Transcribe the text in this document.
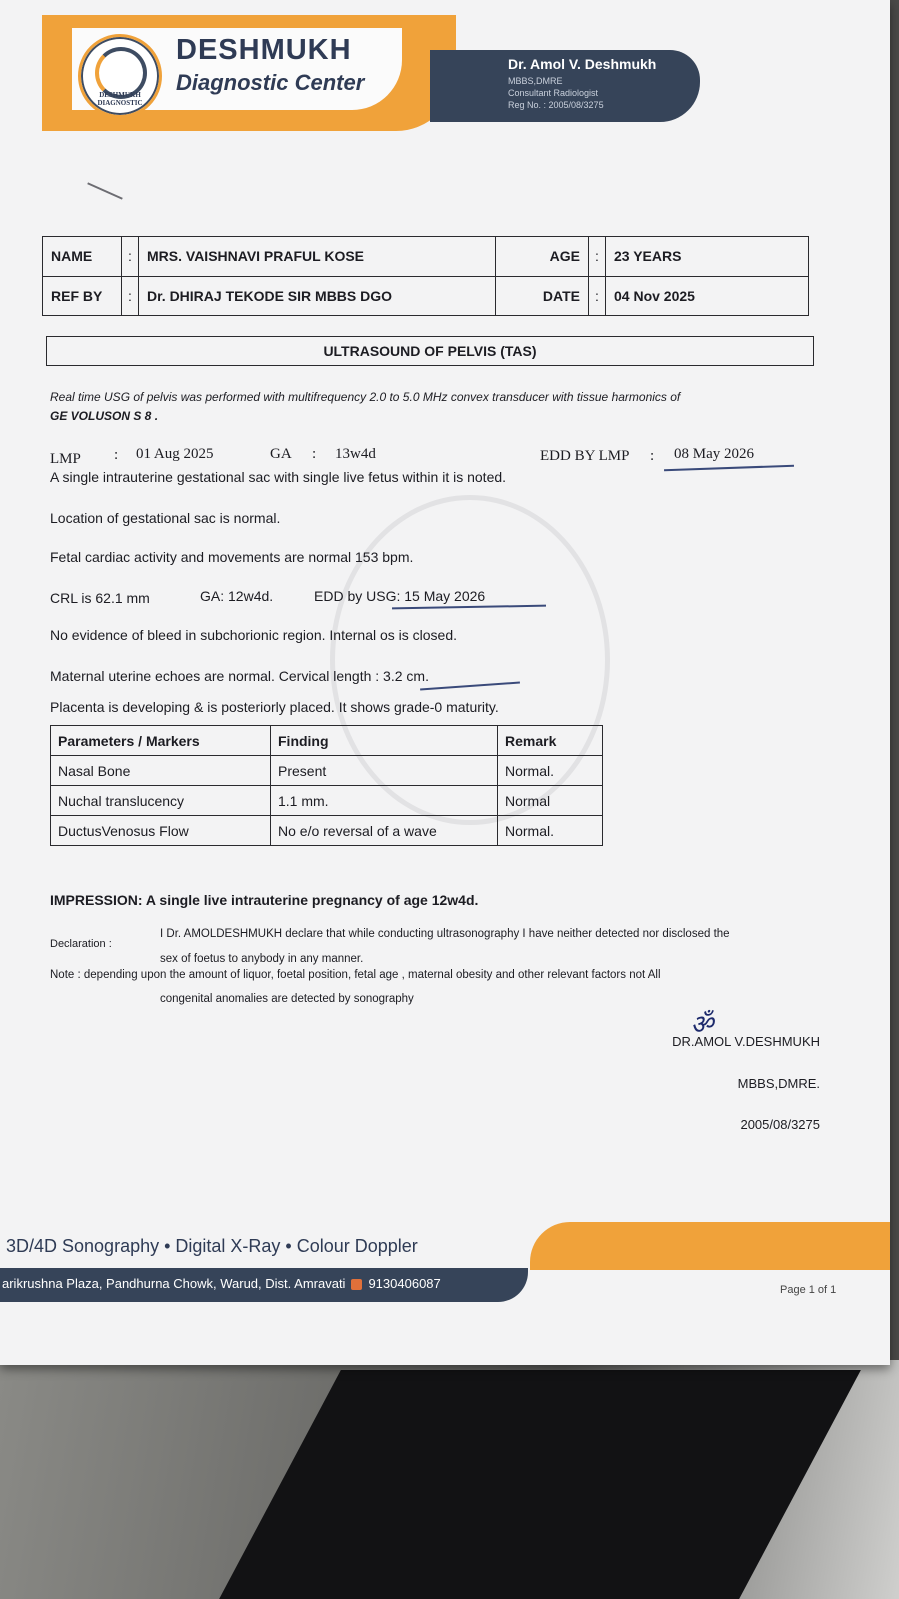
DESHMUKH DIAGNOSTIC
DESHMUKH
Diagnostic Center
Dr. Amol V. Deshmukh
MBBS,DMRE
Consultant Radiologist
Reg No. : 2005/08/3275
NAME	:	MRS. VAISHNAVI PRAFUL KOSE	AGE	:	23 YEARS
REF BY	:	Dr. DHIRAJ TEKODE SIR MBBS DGO	DATE	:	04 Nov 2025
ULTRASOUND OF PELVIS (TAS)
Real time USG of pelvis was performed with multifrequency 2.0 to 5.0 MHz convex transducer with tissue harmonics of
GE VOLUSON S 8 .
LMP : 01 Aug 2025	GA : 13w4d	EDD BY LMP : 08 May 2026
A single intrauterine gestational sac with single live fetus within it is noted.
Location of gestational sac is normal.
Fetal cardiac activity and movements are normal 153 bpm.
CRL is 62.1 mm	GA: 12w4d.	EDD by USG: 15 May 2026
No evidence of bleed in subchorionic region. Internal os is closed.
Maternal uterine echoes are normal. Cervical length : 3.2 cm.
Placenta is developing & is posteriorly placed. It shows grade-0 maturity.
Parameters / Markers	Finding	Remark
Nasal Bone	Present	Normal.
Nuchal translucency	1.1 mm.	Normal
DuctusVenosus Flow	No e/o reversal of a wave	Normal.
IMPRESSION: A single live intrauterine pregnancy of age 12w4d.
Declaration :
I Dr. AMOLDESHMUKH declare that while conducting ultrasonography I have neither detected nor disclosed the
sex of foetus to anybody in any manner.
Note : depending upon the amount of liquor, foetal position, fetal age , maternal obesity and other relevant factors not All
congenital anomalies are detected by sonography
ॐ
DR.AMOL V.DESHMUKH
MBBS,DMRE.
2005/08/3275
3D/4D Sonography • Digital X-Ray • Colour Doppler
arikrushna Plaza, Pandhurna Chowk, Warud, Dist. Amravati 9130406087	Page 1 of 1
